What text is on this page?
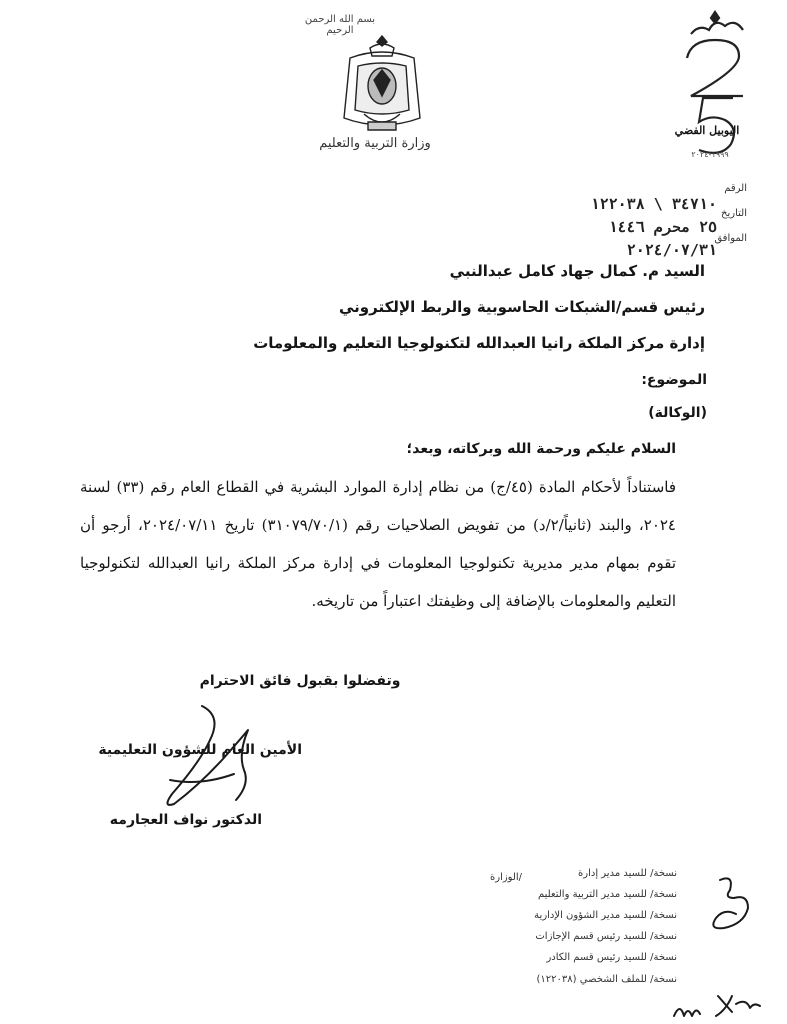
بسم الله الرحمن الرحيم
وزارة التربية والتعليم
اليوبيل الفضي
١٩٩٩-٢٠٢٤
الرقم
التاريخ
الموافق
٣٤٧١٠ \ ١٢٢٠٣٨
٢٥ محرم ١٤٤٦
٢٠٢٤/٠٧/٣١
السيد م. كمال جهاد كامل عبدالنبي
رئيس قسم/الشبكات الحاسوبية والربط الإلكتروني
إدارة مركز الملكة رانيا العبدالله لتكنولوجيا التعليم والمعلومات
الموضوع:
(الوكالة)

السلام عليكم ورحمة الله وبركاته، وبعد؛

فاستناداً لأحكام المادة (٤٥/ج) من نظام إدارة الموارد البشرية في القطاع العام رقم (٣٣) لسنة ٢٠٢٤، والبند (ثانياً/٢/د) من تفويض الصلاحيات رقم (٣١٠٧٩/٧٠/١) تاريخ ٢٠٢٤/٠٧/١١، أرجو أن تقوم بمهام مدير مديرية تكنولوجيا المعلومات في إدارة مركز الملكة رانيا العبدالله لتكنولوجيا التعليم والمعلومات بالإضافة إلى وظيفتك اعتباراً من تاريخه.

وتفضلوا بقبول فائق الاحترام
الأمين العام للشؤون التعليمية
الدكتور نواف العجارمه
/الوزارة	نسخة/ للسيد مدير إدارة
نسخة/ للسيد مدير التربية والتعليم
نسخة/ للسيد مدير الشؤون الإدارية
نسخة/ للسيد رئيس قسم الإجازات
نسخة/ للسيد رئيس قسم الكادر
نسخة/ للملف الشخصي (١٢٢٠٣٨)
